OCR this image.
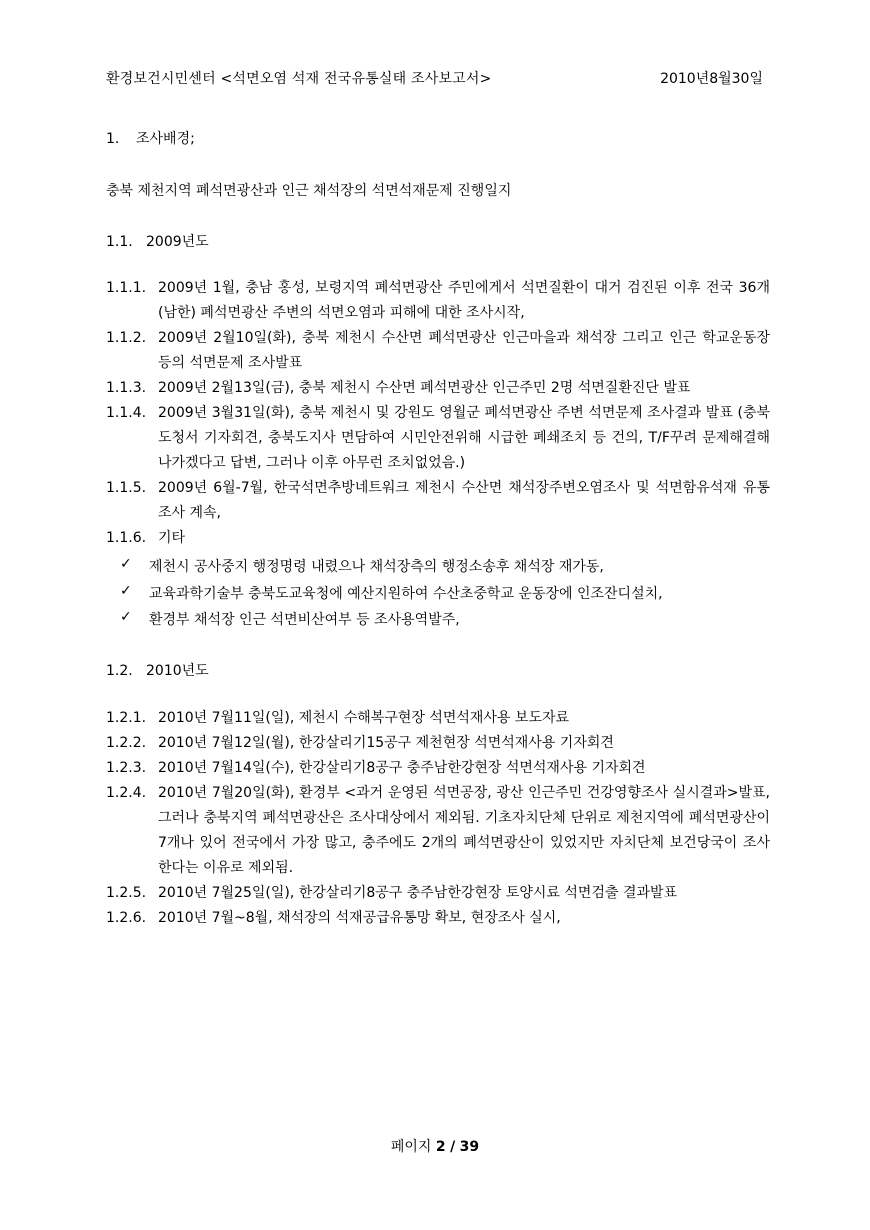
환경보건시민센터 <석면오염 석재 전국유통실태 조사보고서>	2010년8월30일
1. 조사배경;
충북 제천지역 폐석면광산과 인근 채석장의 석면석재문제 진행일지
1.1. 2009년도
1.1.1. 2009년 1월, 충남 홍성, 보령지역 폐석면광산 주민에게서 석면질환이 대거 검진된 이후 전국 36개(남한) 폐석면광산 주변의 석면오염과 피해에 대한 조사시작,
1.1.2. 2009년 2월10일(화), 충북 제천시 수산면 폐석면광산 인근마을과 채석장 그리고 인근 학교운동장 등의 석면문제 조사발표
1.1.3. 2009년 2월13일(금), 충북 제천시 수산면 폐석면광산 인근주민 2명 석면질환진단 발표
1.1.4. 2009년 3월31일(화), 충북 제천시 및 강원도 영월군 폐석면광산 주변 석면문제 조사결과 발표 (충북도청서 기자회견, 충북도지사 면담하여 시민안전위해 시급한 폐쇄조치 등 건의, T/F꾸려 문제해결해 나가겠다고 답변, 그러나 이후 아무런 조치없었음.)
1.1.5. 2009년 6월-7월, 한국석면추방네트워크 제천시 수산면 채석장주변오염조사 및 석면함유석재 유통조사 계속,
1.1.6. 기타
✓	제천시 공사중지 행정명령 내렸으나 채석장측의 행정소송후 채석장 재가동,
✓	교육과학기술부 충북도교육청에 예산지원하여 수산초중학교 운동장에 인조잔디설치,
✓	환경부 채석장 인근 석면비산여부 등 조사용역발주,
1.2. 2010년도
1.2.1. 2010년 7월11일(일), 제천시 수해복구현장 석면석재사용 보도자료
1.2.2. 2010년 7월12일(월), 한강살리기15공구 제천현장 석면석재사용 기자회견
1.2.3. 2010년 7월14일(수), 한강살리기8공구 충주남한강현장 석면석재사용 기자회견
1.2.4. 2010년 7월20일(화), 환경부 <과거 운영된 석면공장, 광산 인근주민 건강영향조사 실시결과>발표, 그러나 충북지역 폐석면광산은 조사대상에서 제외됨. 기초자치단체 단위로 제천지역에 폐석면광산이 7개나 있어 전국에서 가장 많고, 충주에도 2개의 폐석면광산이 있었지만 자치단체 보건당국이 조사한다는 이유로 제외됨.
1.2.5. 2010년 7월25일(일), 한강살리기8공구 충주남한강현장 토양시료 석면검출 결과발표
1.2.6. 2010년 7월~8월, 채석장의 석재공급유통망 확보, 현장조사 실시,
페이지 2 / 39
